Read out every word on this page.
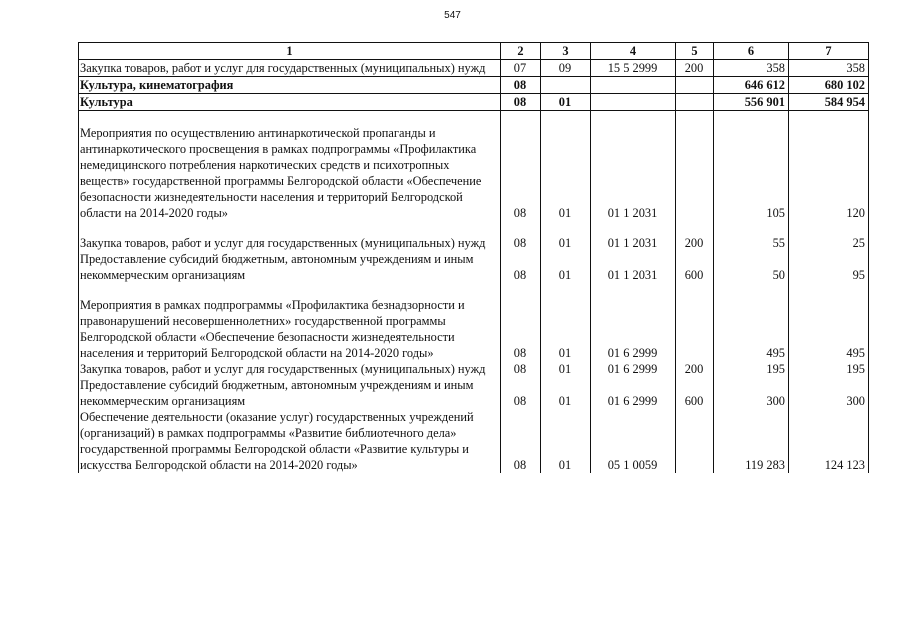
547
1	2	3	4	5	6	7
Закупка товаров, работ и услуг для государственных (муниципальных) нужд	07	09	15 5 2999	200	358	358
Культура, кинематография	08				646 612	680 102
Культура	08	01			556 901	584 954
Мероприятия по осуществлению антинаркотической пропаганды и антинаркотического просвещения в рамках подпрограммы «Профилактика немедицинского потребления наркотических средств и психотропных веществ» государственной программы Белгородской области «Обеспечение безопасности жизнедеятельности населения и территорий Белгородской области на 2014-2020 годы»	08	01	01 1 2031		105	120
Закупка товаров, работ и услуг для государственных (муниципальных) нужд	08	01	01 1 2031	200	55	25
Предоставление субсидий бюджетным, автономным учреждениям и иным некоммерческим организациям	08	01	01 1 2031	600	50	95
Мероприятия в рамках подпрограммы «Профилактика безнадзорности и правонарушений несовершеннолетних» государственной программы Белгородской области «Обеспечение безопасности жизнедеятельности населения и территорий Белгородской области на 2014-2020 годы»	08	01	01 6 2999		495	495
Закупка товаров, работ и услуг для государственных (муниципальных) нужд	08	01	01 6 2999	200	195	195
Предоставление субсидий бюджетным, автономным учреждениям и иным некоммерческим организациям	08	01	01 6 2999	600	300	300
Обеспечение деятельности (оказание услуг) государственных учреждений (организаций) в рамках подпрограммы «Развитие библиотечного дела» государственной программы Белгородской области «Развитие культуры и искусства Белгородской области на 2014-2020 годы»	08	01	05 1 0059		119 283	124 123
